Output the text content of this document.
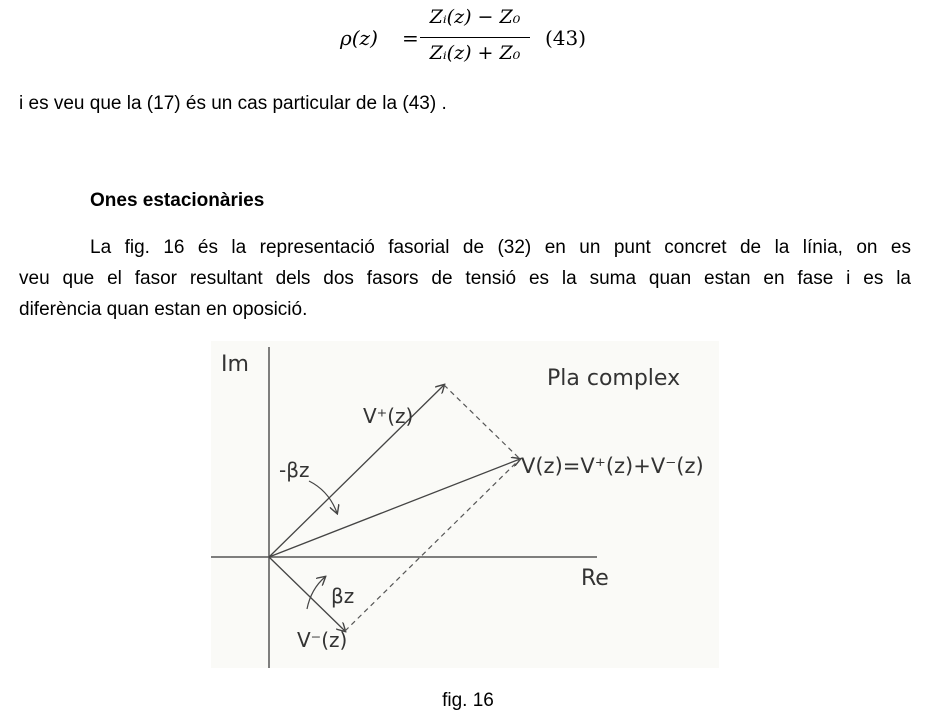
ρ(z) =
Zᵢ(z) − Z₀
Zᵢ(z) + Z₀
(43)
i es veu que la (17) és un cas particular de la (43) .
Ones estacionàries
La fig. 16 és la representació fasorial de (32) en un punt concret de la línia, on es
veu que el fasor resultant dels dos fasors de tensió es la suma quan estan en fase i es la
diferència quan estan en oposició.
Im
Re
Pla complex
V⁺(z)
V⁻(z)
V(z)=V⁺(z)+V⁻(z)
-βz
βz
fig. 16
